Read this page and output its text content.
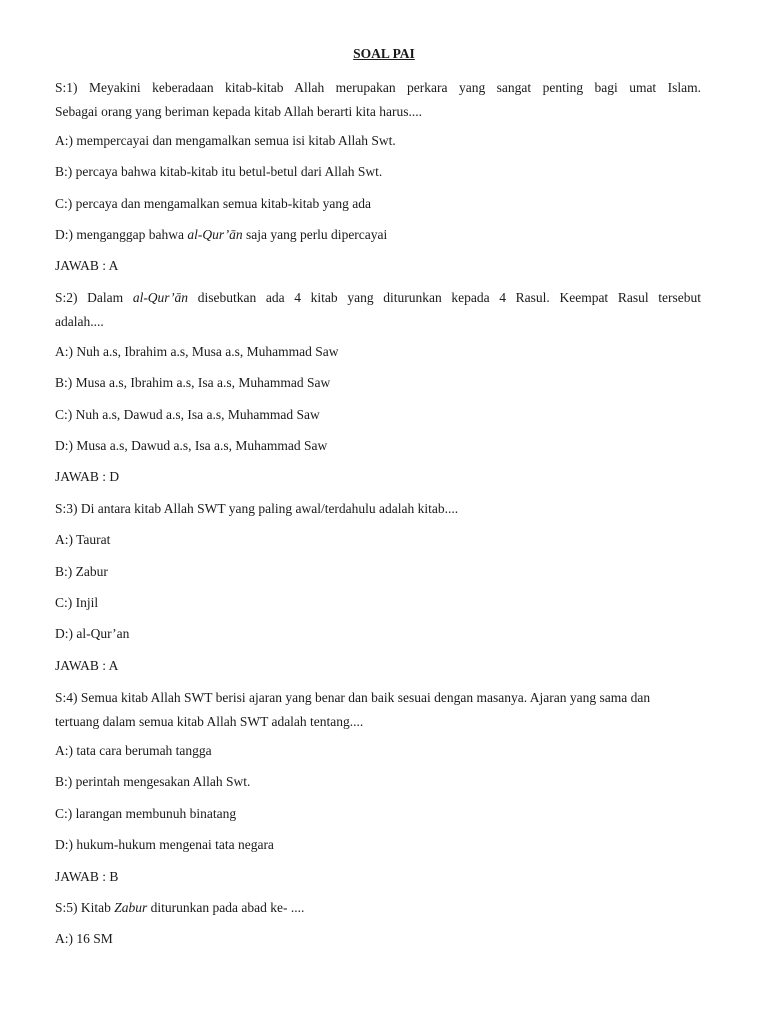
SOAL PAI
S:1) Meyakini keberadaan kitab-kitab Allah merupakan perkara yang sangat penting bagi umat Islam.
Sebagai orang yang beriman kepada kitab Allah berarti kita harus....
A:) mempercayai dan mengamalkan semua isi kitab Allah Swt.
B:) percaya bahwa kitab-kitab itu betul-betul dari Allah Swt.
C:) percaya dan mengamalkan semua kitab-kitab yang ada
D:) menganggap bahwa al-Qur’ān saja yang perlu dipercayai
JAWAB : A
S:2) Dalam al-Qur’ān disebutkan ada 4 kitab yang diturunkan kepada 4 Rasul. Keempat Rasul tersebut
adalah....
A:) Nuh a.s, Ibrahim a.s, Musa a.s, Muhammad Saw
B:) Musa a.s, Ibrahim a.s, Isa a.s, Muhammad Saw
C:) Nuh a.s, Dawud a.s, Isa a.s, Muhammad Saw
D:) Musa a.s, Dawud a.s, Isa a.s, Muhammad Saw
JAWAB : D
S:3) Di antara kitab Allah SWT yang paling awal/terdahulu adalah kitab....
A:) Taurat
B:) Zabur
C:) Injil
D:) al-Qur’an
JAWAB : A
S:4) Semua kitab Allah SWT berisi ajaran yang benar dan baik sesuai dengan masanya. Ajaran yang sama dan
tertuang dalam semua kitab Allah SWT adalah tentang....
A:) tata cara berumah tangga
B:) perintah mengesakan Allah Swt.
C:) larangan membunuh binatang
D:) hukum-hukum mengenai tata negara
JAWAB : B
S:5) Kitab Zabur diturunkan pada abad ke- ....
A:) 16 SM
